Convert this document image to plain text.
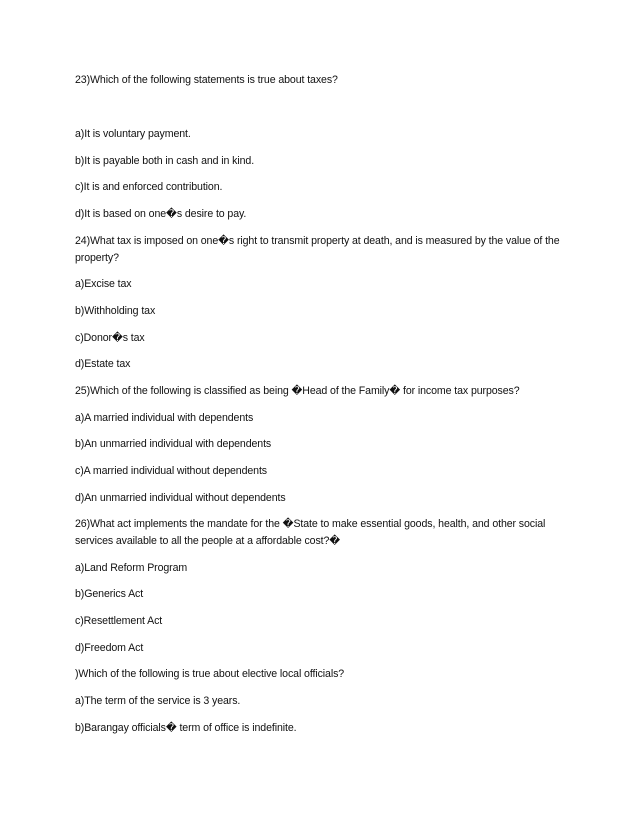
23)Which of the following statements is true about taxes?
a)It is voluntary payment.
b)It is payable both in cash and in kind.
c)It is and enforced contribution.
d)It is based on one�s desire to pay.
24)What tax is imposed on one�s right to transmit property at death, and is measured by the value of the property?
a)Excise tax
b)Withholding tax
c)Donor�s tax
d)Estate tax
25)Which of the following is classified as being �Head of the Family� for income tax purposes?
a)A married individual with dependents
b)An unmarried individual with dependents
c)A married individual without dependents
d)An unmarried individual without dependents
26)What act implements the mandate for the �State to make essential goods, health, and other social services available to all the people at a affordable cost?�
a)Land Reform Program
b)Generics Act
c)Resettlement Act
d)Freedom Act
)Which of the following is true about elective local officials?
a)The term of the service is 3 years.
b)Barangay officials� term of office is indefinite.
